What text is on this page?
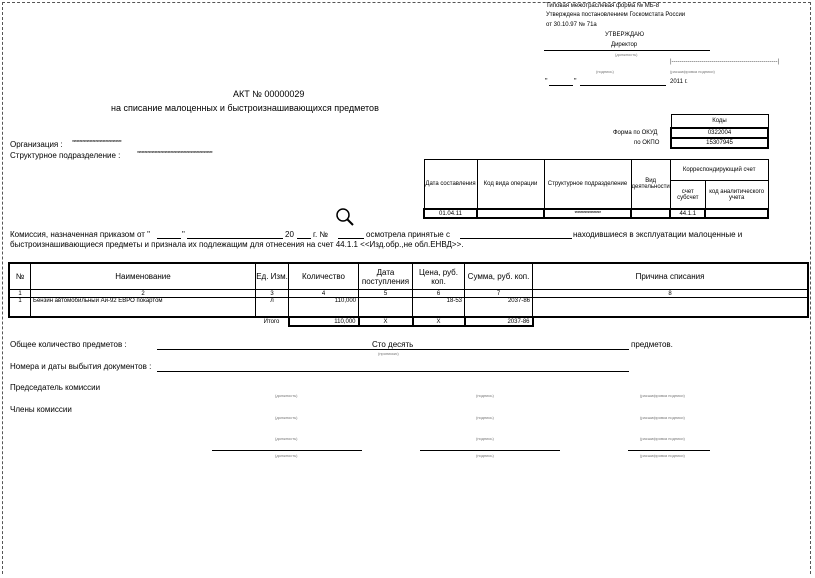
Типовая межотраслевая форма № МБ-8
Утверждена постановлением Госкомстата России
от 30.10.97 № 71а
УТВЕРЖДАЮ
Директор
(должность)
|-----------------------------------------------------|
(подпись)	(расшифровка подписи)
"	"	2011 г.
АКТ № 00000029
на списание малоценных и быстроизнашивающихся предметов
Коды
0322004
15307945
Форма по ОКУД
по ОКПО
Организация : **********************************
Структурное подразделение :	****************************************************
Дата составления	Код вида операции	Структурное подразделение	Вид деятельности	Корреспондирующий счет	
				счет субсчет	код аналитического учета
01.04.11		******************		44.1.1	
Комиссия, назначенная приказом от "	"	20 г. №	осмотрела принятые с	находившиеся в эксплуатации малоценные и
быстроизнашивающиеся предметы и признала их подлежащим для отнесения на счет 44.1.1 <<Изд.обр.,не обл.ЕНВД>>.
№	Наименование	Ед. Изм.	Количество	Дата поступления	Цена, руб. коп.	Сумма, руб. коп.	Причина списания
1	2	3	4	5	6	7	8
1	Бензин автомобильный Аи-92 ЕВРО покартом	л	110,000		18-53	2037-86	
		Итого	110,000	Х	Х	2037-86	
Общее количество предметов :	Сто десять
(прописью)
предметов.
Номера и даты выбытия документов :
Председатель комиссии
(должность)	(подпись)	(расшифровка подписи)
Члены комиссии
(должность)	(подпись)	(расшифровка подписи)
(должность)	(подпись)	(расшифровка подписи)
(должность)	(подпись)	(расшифровка подписи)
